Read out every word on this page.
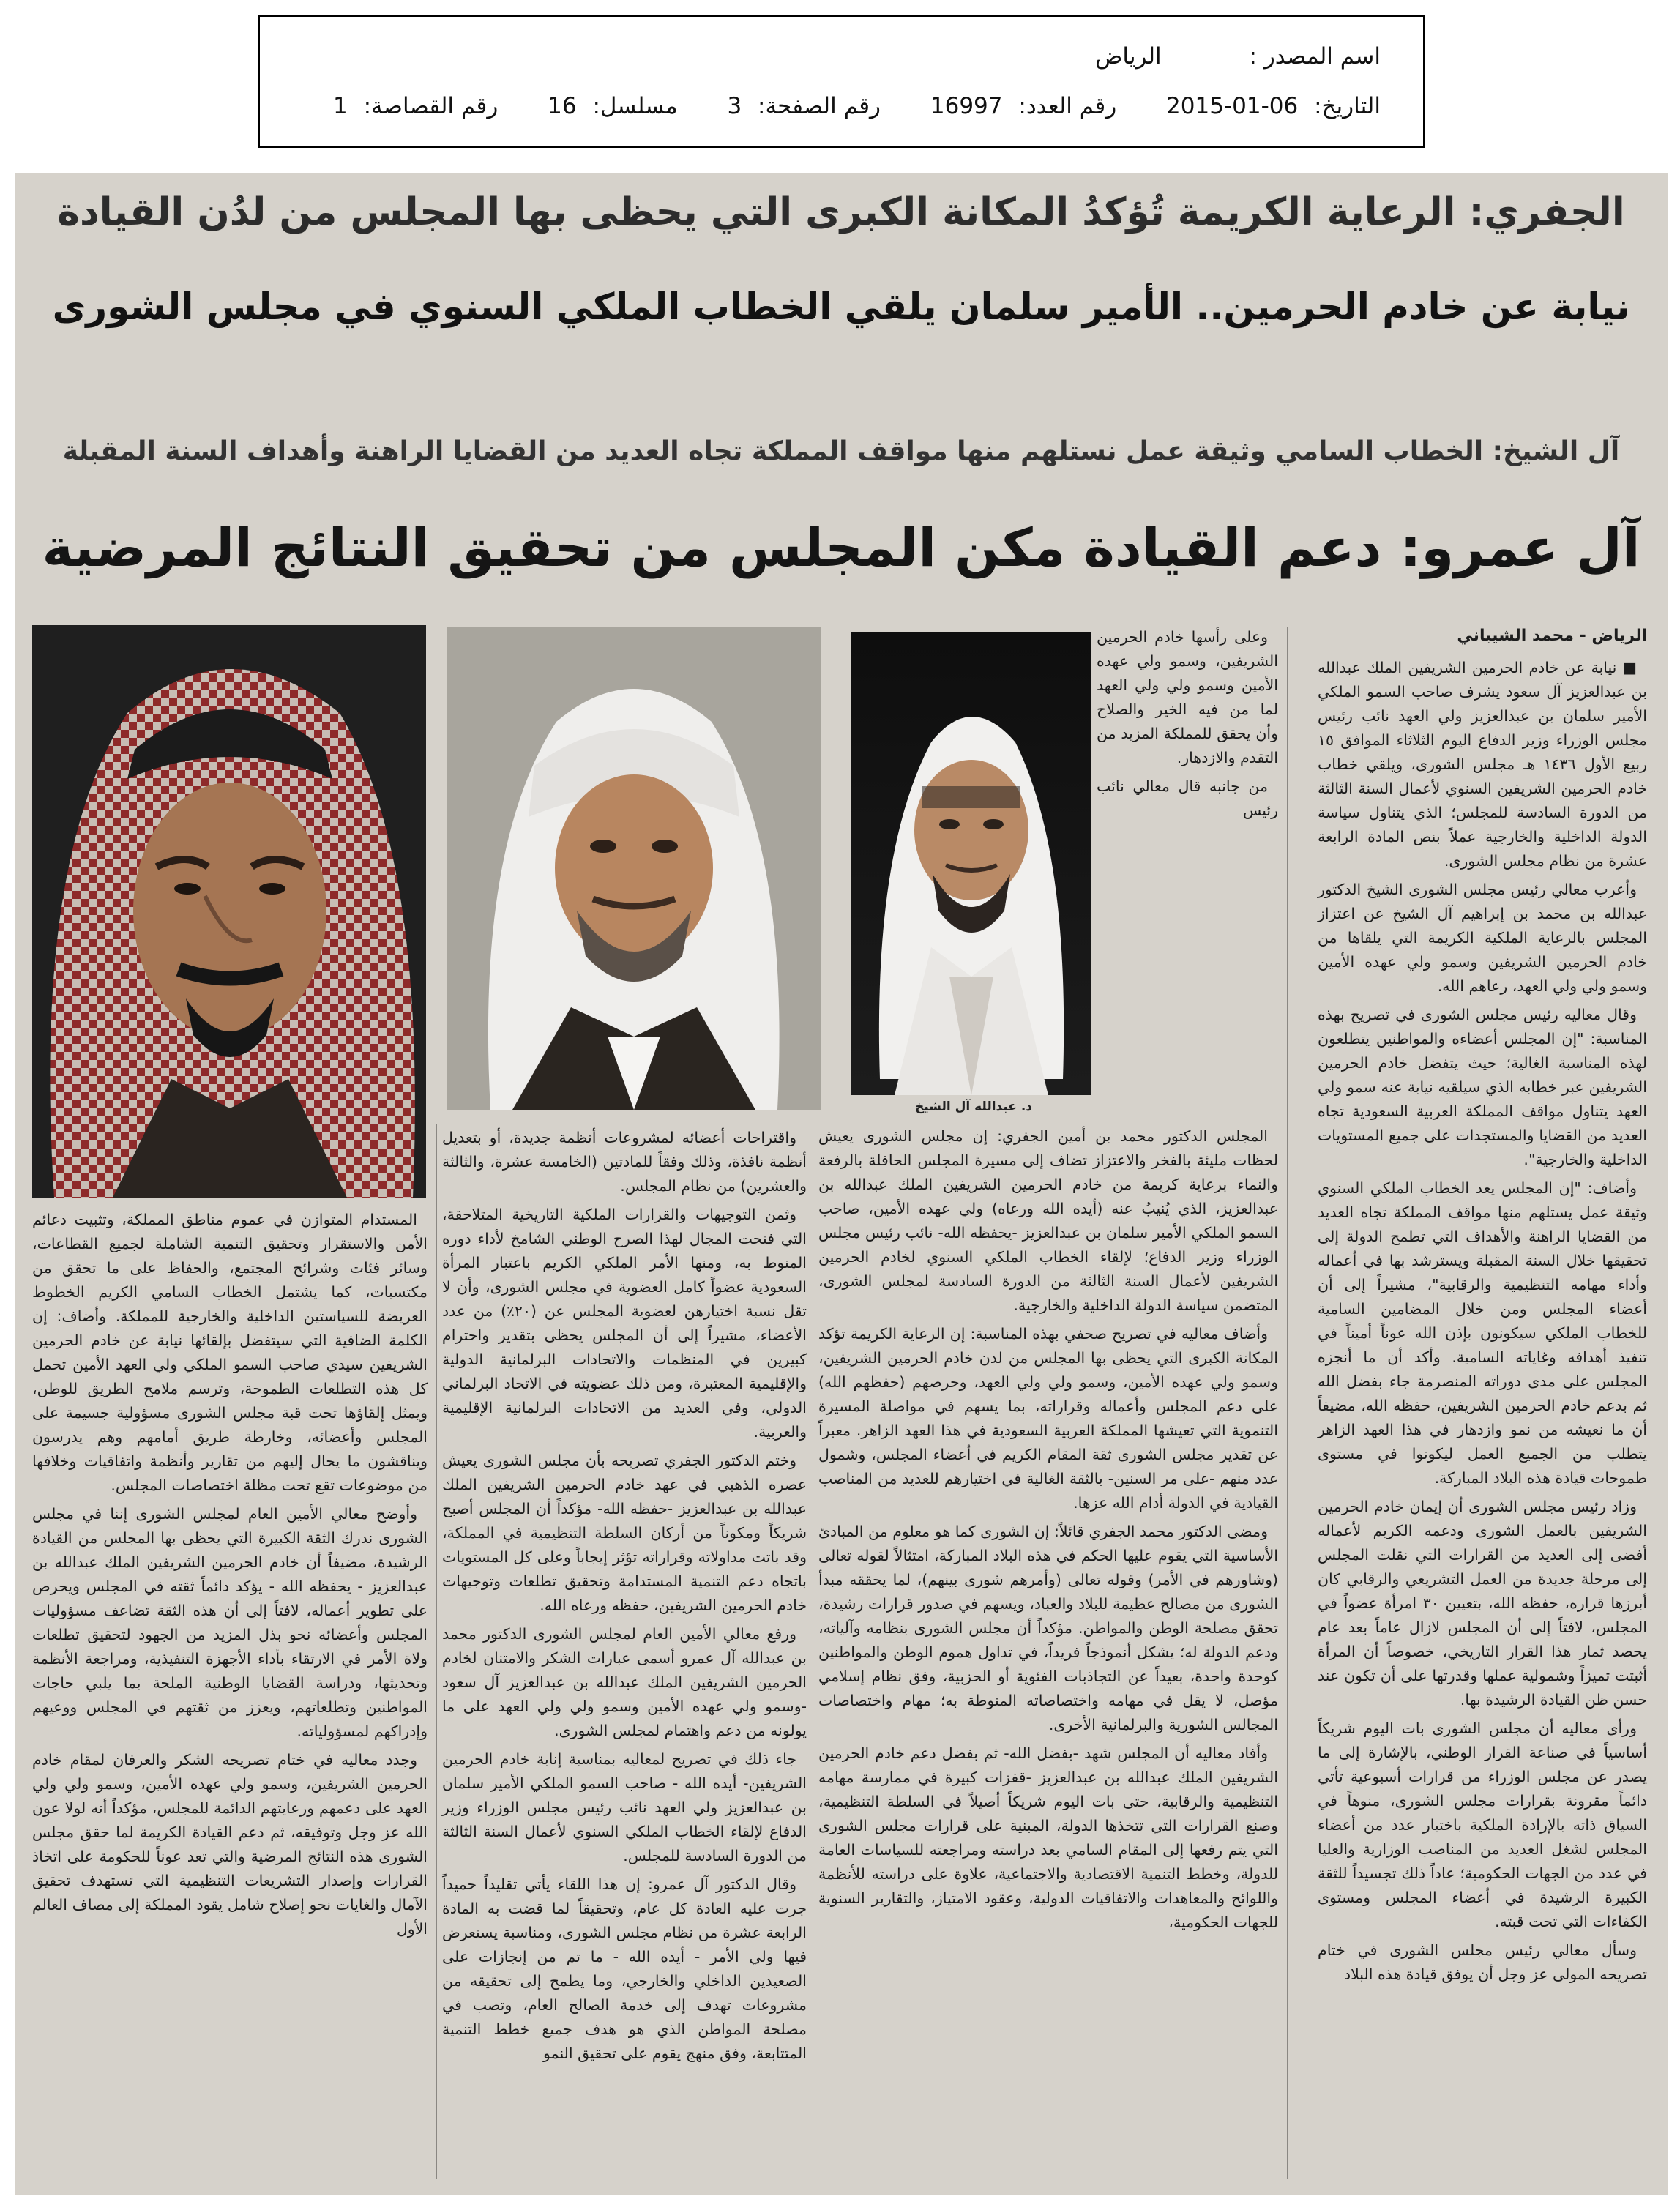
اسم المصدر : الرياض
التاريخ: 2015-01-06 رقم العدد: 16997 رقم الصفحة: 3 مسلسل: 16 رقم القصاصة: 1
الجفري: الرعاية الكريمة تُؤكدُ المكانة الكبرى التي يحظى بها المجلس من لدُن القيادة
نيابة عن خادم الحرمين.. الأمير سلمان يلقي الخطاب الملكي السنوي في مجلس الشورى
آل الشيخ: الخطاب السامي وثيقة عمل نستلهم منها مواقف المملكة تجاه العديد من القضايا الراهنة وأهداف السنة المقبلة
آل عمرو: دعم القيادة مكن المجلس من تحقيق النتائج المرضية
د. عبدالله آل الشيخ
الرياض - محمد الشيباني

■ نيابة عن خادم الحرمين الشريفين الملك عبدالله بن عبدالعزيز آل سعود يشرف صاحب السمو الملكي الأمير سلمان بن عبدالعزيز ولي العهد نائب رئيس مجلس الوزراء وزير الدفاع اليوم الثلاثاء الموافق ١٥ ربيع الأول ١٤٣٦ هـ مجلس الشورى، ويلقي خطاب خادم الحرمين الشريفين السنوي لأعمال السنة الثالثة من الدورة السادسة للمجلس؛ الذي يتناول سياسة الدولة الداخلية والخارجية عملاً بنص المادة الرابعة عشرة من نظام مجلس الشورى.

وأعرب معالي رئيس مجلس الشورى الشيخ الدكتور عبدالله بن محمد بن إبراهيم آل الشيخ عن اعتزاز المجلس بالرعاية الملكية الكريمة التي يلقاها من خادم الحرمين الشريفين وسمو ولي عهده الأمين وسمو ولي ولي العهد، رعاهم الله.

وقال معاليه رئيس مجلس الشورى في تصريح بهذه المناسبة: "إن المجلس أعضاءه والمواطنين يتطلعون لهذه المناسبة الغالية؛ حيث يتفضل خادم الحرمين الشريفين عبر خطابه الذي سيلقيه نيابة عنه سمو ولي العهد يتناول مواقف المملكة العربية السعودية تجاه العديد من القضايا والمستجدات على جميع المستويات الداخلية والخارجية".

وأضاف: "إن المجلس يعد الخطاب الملكي السنوي وثيقة عمل يستلهم منها مواقف المملكة تجاه العديد من القضايا الراهنة والأهداف التي تطمح الدولة إلى تحقيقها خلال السنة المقبلة ويسترشد بها في أعماله وأداء مهامه التنظيمية والرقابية"، مشيراً إلى أن أعضاء المجلس ومن خلال المضامين السامية للخطاب الملكي سيكونون بإذن الله عوناً أميناً في تنفيذ أهدافه وغاياته السامية. وأكد أن ما أنجزه المجلس على مدى دوراته المنصرمة جاء بفضل الله ثم بدعم خادم الحرمين الشريفين، حفظه الله، مضيفاً أن ما نعيشه من نمو وازدهار في هذا العهد الزاهر يتطلب من الجميع العمل ليكونوا في مستوى طموحات قيادة هذه البلاد المباركة.

وزاد رئيس مجلس الشورى أن إيمان خادم الحرمين الشريفين بالعمل الشورى ودعمه الكريم لأعماله أفضى إلى العديد من القرارات التي نقلت المجلس إلى مرحلة جديدة من العمل التشريعي والرقابي كان أبرزها قراره، حفظه الله، بتعيين ٣٠ امرأة عضواً في المجلس، لافتاً إلى أن المجلس لازال عاماً بعد عام يحصد ثمار هذا القرار التاريخي، خصوصاً أن المرأة أثبتت تميزاً وشمولية عملها وقدرتها على أن تكون عند حسن ظن القيادة الرشيدة بها.

ورأى معاليه أن مجلس الشورى بات اليوم شريكاً أساسياً في صناعة القرار الوطني، بالإشارة إلى ما يصدر عن مجلس الوزراء من قرارات أسبوعية تأتي دائماً مقرونة بقرارات مجلس الشورى، منوهاً في السياق ذاته بالإرادة الملكية باختيار عدد من أعضاء المجلس لشغل العديد من المناصب الوزارية والعليا في عدد من الجهات الحكومية؛ عاداً ذلك تجسيداً للثقة الكبيرة الرشيدة في أعضاء المجلس ومستوى الكفاءات التي تحت قبته.

وسأل معالي رئيس مجلس الشورى في ختام تصريحه المولى عز وجل أن يوفق قيادة هذه البلاد

وعلى رأسها خادم الحرمين الشريفين، وسمو ولي عهده الأمين وسمو ولي ولي العهد لما من فيه الخير والصلاح وأن يحقق للمملكة المزيد من التقدم والازدهار.

من جانبه قال معالي نائب رئيس

المجلس الدكتور محمد بن أمين الجفري: إن مجلس الشورى يعيش لحظات مليئة بالفخر والاعتزاز تضاف إلى مسيرة المجلس الحافلة بالرفعة والنماء برعاية كريمة من خادم الحرمين الشريفين الملك عبدالله بن عبدالعزيز، الذي يُنيبُ عنه (أيده الله ورعاه) ولي عهده الأمين، صاحب السمو الملكي الأمير سلمان بن عبدالعزيز -يحفظه الله- نائب رئيس مجلس الوزراء وزير الدفاع؛ لإلقاء الخطاب الملكي السنوي لخادم الحرمين الشريفين لأعمال السنة الثالثة من الدورة السادسة لمجلس الشورى، المتضمن سياسة الدولة الداخلية والخارجية.

وأضاف معاليه في تصريح صحفي بهذه المناسبة: إن الرعاية الكريمة تؤكد المكانة الكبرى التي يحظى بها المجلس من لدن خادم الحرمين الشريفين، وسمو ولي عهده الأمين، وسمو ولي ولي العهد، وحرصهم (حفظهم الله) على دعم المجلس وأعماله وقراراته، بما يسهم في مواصلة المسيرة التنموية التي تعيشها المملكة العربية السعودية في هذا العهد الزاهر. معبراً عن تقدير مجلس الشورى ثقة المقام الكريم في أعضاء المجلس، وشمول عدد منهم -على مر السنين- بالثقة الغالية في اختيارهم للعديد من المناصب القيادية في الدولة أدام الله عزها.

ومضى الدكتور محمد الجفري قائلاً: إن الشورى كما هو معلوم من المبادئ الأساسية التي يقوم عليها الحكم في هذه البلاد المباركة، امتثالاً لقوله تعالى (وشاورهم في الأمر) وقوله تعالى (وأمرهم شورى بينهم)، لما يحققه مبدأ الشورى من مصالح عظيمة للبلاد والعباد، ويسهم في صدور قرارات رشيدة، تحقق مصلحة الوطن والمواطن. مؤكداً أن مجلس الشورى بنظامه وآلياته، ودعم الدولة له؛ يشكل أنموذجاً فريداً، في تداول هموم الوطن والمواطنين كوحدة واحدة، بعيداً عن التجاذبات الفئوية أو الحزبية، وفق نظام إسلامي مؤصل، لا يقل في مهامه واختصاصاته المنوطة به؛ مهام واختصاصات المجالس الشورية والبرلمانية الأخرى.

وأفاد معاليه أن المجلس شهد -بفضل الله- ثم بفضل دعم خادم الحرمين الشريفين الملك عبدالله بن عبدالعزيز -قفزات كبيرة في ممارسة مهامه التنظيمية والرقابية، حتى بات اليوم شريكاً أصيلاً في السلطة التنظيمية، وصنع القرارات التي تتخذها الدولة، المبنية على قرارات مجلس الشورى التي يتم رفعها إلى المقام السامي بعد دراسته ومراجعته للسياسات العامة للدولة، وخطط التنمية الاقتصادية والاجتماعية، علاوة على دراسته للأنظمة واللوائح والمعاهدات والاتفاقيات الدولية، وعقود الامتياز، والتقارير السنوية للجهات الحكومية،

واقتراحات أعضائه لمشروعات أنظمة جديدة، أو بتعديل أنظمة نافذة، وذلك وفقاً للمادتين (الخامسة عشرة، والثالثة والعشرين) من نظام المجلس.

وثمن التوجيهات والقرارات الملكية التاريخية المتلاحقة، التي فتحت المجال لهذا الصرح الوطني الشامخ لأداء دوره المنوط به، ومنها الأمر الملكي الكريم باعتبار المرأة السعودية عضواً كامل العضوية في مجلس الشورى، وأن لا تقل نسبة اختيارهن لعضوية المجلس عن (٢٠٪) من عدد الأعضاء، مشيراً إلى أن المجلس يحظى بتقدير واحترام كبيرين في المنظمات والاتحادات البرلمانية الدولية والإقليمية المعتبرة، ومن ذلك عضويته في الاتحاد البرلماني الدولي، وفي العديد من الاتحادات البرلمانية الإقليمية والعربية.

وختم الدكتور الجفري تصريحه بأن مجلس الشورى يعيش عصره الذهبي في عهد خادم الحرمين الشريفين الملك عبدالله بن عبدالعزيز -حفظه الله- مؤكداً أن المجلس أصبح شريكاً ومكوناً من أركان السلطة التنظيمية في المملكة، وقد باتت مداولاته وقراراته تؤثر إيجاباً وعلى كل المستويات باتجاه دعم التنمية المستدامة وتحقيق تطلعات وتوجيهات خادم الحرمين الشريفين، حفظه ورعاه الله.

ورفع معالي الأمين العام لمجلس الشورى الدكتور محمد بن عبدالله آل عمرو أسمى عبارات الشكر والامتنان لخادم الحرمين الشريفين الملك عبدالله بن عبدالعزيز آل سعود -وسمو ولي عهده الأمين وسمو ولي ولي العهد على ما يولونه من دعم واهتمام لمجلس الشورى.

جاء ذلك في تصريح لمعاليه بمناسبة إنابة خادم الحرمين الشريفين- أيده الله - صاحب السمو الملكي الأمير سلمان بن عبدالعزيز ولي العهد نائب رئيس مجلس الوزراء وزير الدفاع لإلقاء الخطاب الملكي السنوي لأعمال السنة الثالثة من الدورة السادسة للمجلس.

وقال الدكتور آل عمرو: إن هذا اللقاء يأتي تقليداً حميداً جرت عليه العادة كل عام، وتحقيقاً لما قضت به المادة الرابعة عشرة من نظام مجلس الشورى، ومناسبة يستعرض فيها ولي الأمر - أيده الله - ما تم من إنجازات على الصعيدين الداخلي والخارجي، وما يطمح إلى تحقيقه من مشروعات تهدف إلى خدمة الصالح العام، وتصب في مصلحة المواطن الذي هو هدف جميع خطط التنمية المتتابعة، وفق منهج يقوم على تحقيق النمو

المستدام المتوازن في عموم مناطق المملكة، وتثبيت دعائم الأمن والاستقرار وتحقيق التنمية الشاملة لجميع القطاعات، وسائر فئات وشرائح المجتمع، والحفاظ على ما تحقق من مكتسبات، كما يشتمل الخطاب السامي الكريم الخطوط العريضة للسياستين الداخلية والخارجية للمملكة. وأضاف: إن الكلمة الضافية التي سيتفضل بإلقائها نيابة عن خادم الحرمين الشريفين سيدي صاحب السمو الملكي ولي العهد الأمين تحمل كل هذه التطلعات الطموحة، وترسم ملامح الطريق للوطن، ويمثل إلقاؤها تحت قبة مجلس الشورى مسؤولية جسيمة على المجلس وأعضائه، وخارطة طريق أمامهم وهم يدرسون ويناقشون ما يحال إليهم من تقارير وأنظمة واتفاقيات وخلافها من موضوعات تقع تحت مظلة اختصاصات المجلس.

وأوضح معالي الأمين العام لمجلس الشورى إننا في مجلس الشورى ندرك الثقة الكبيرة التي يحظى بها المجلس من القيادة الرشيدة، مضيفاً أن خادم الحرمين الشريفين الملك عبدالله بن عبدالعزيز - يحفظه الله - يؤكد دائماً ثقته في المجلس ويحرص على تطوير أعماله، لافتاً إلى أن هذه الثقة تضاعف مسؤوليات المجلس وأعضائه نحو بذل المزيد من الجهود لتحقيق تطلعات ولاة الأمر في الارتقاء بأداء الأجهزة التنفيذية، ومراجعة الأنظمة وتحديثها، ودراسة القضايا الوطنية الملحة بما يلبي حاجات المواطنين وتطلعاتهم، ويعزز من ثقتهم في المجلس ووعيهم وإدراكهم لمسؤولياته.

وجدد معاليه في ختام تصريحه الشكر والعرفان لمقام خادم الحرمين الشريفين، وسمو ولي عهده الأمين، وسمو ولي ولي العهد على دعمهم ورعايتهم الدائمة للمجلس، مؤكداً أنه لولا عون الله عز وجل وتوفيقه، ثم دعم القيادة الكريمة لما حقق مجلس الشورى هذه النتائج المرضية والتي تعد عوناً للحكومة على اتخاذ القرارات وإصدار التشريعات التنظيمية التي تستهدف تحقيق الآمال والغايات نحو إصلاح شامل يقود المملكة إلى مصاف العالم الأول
